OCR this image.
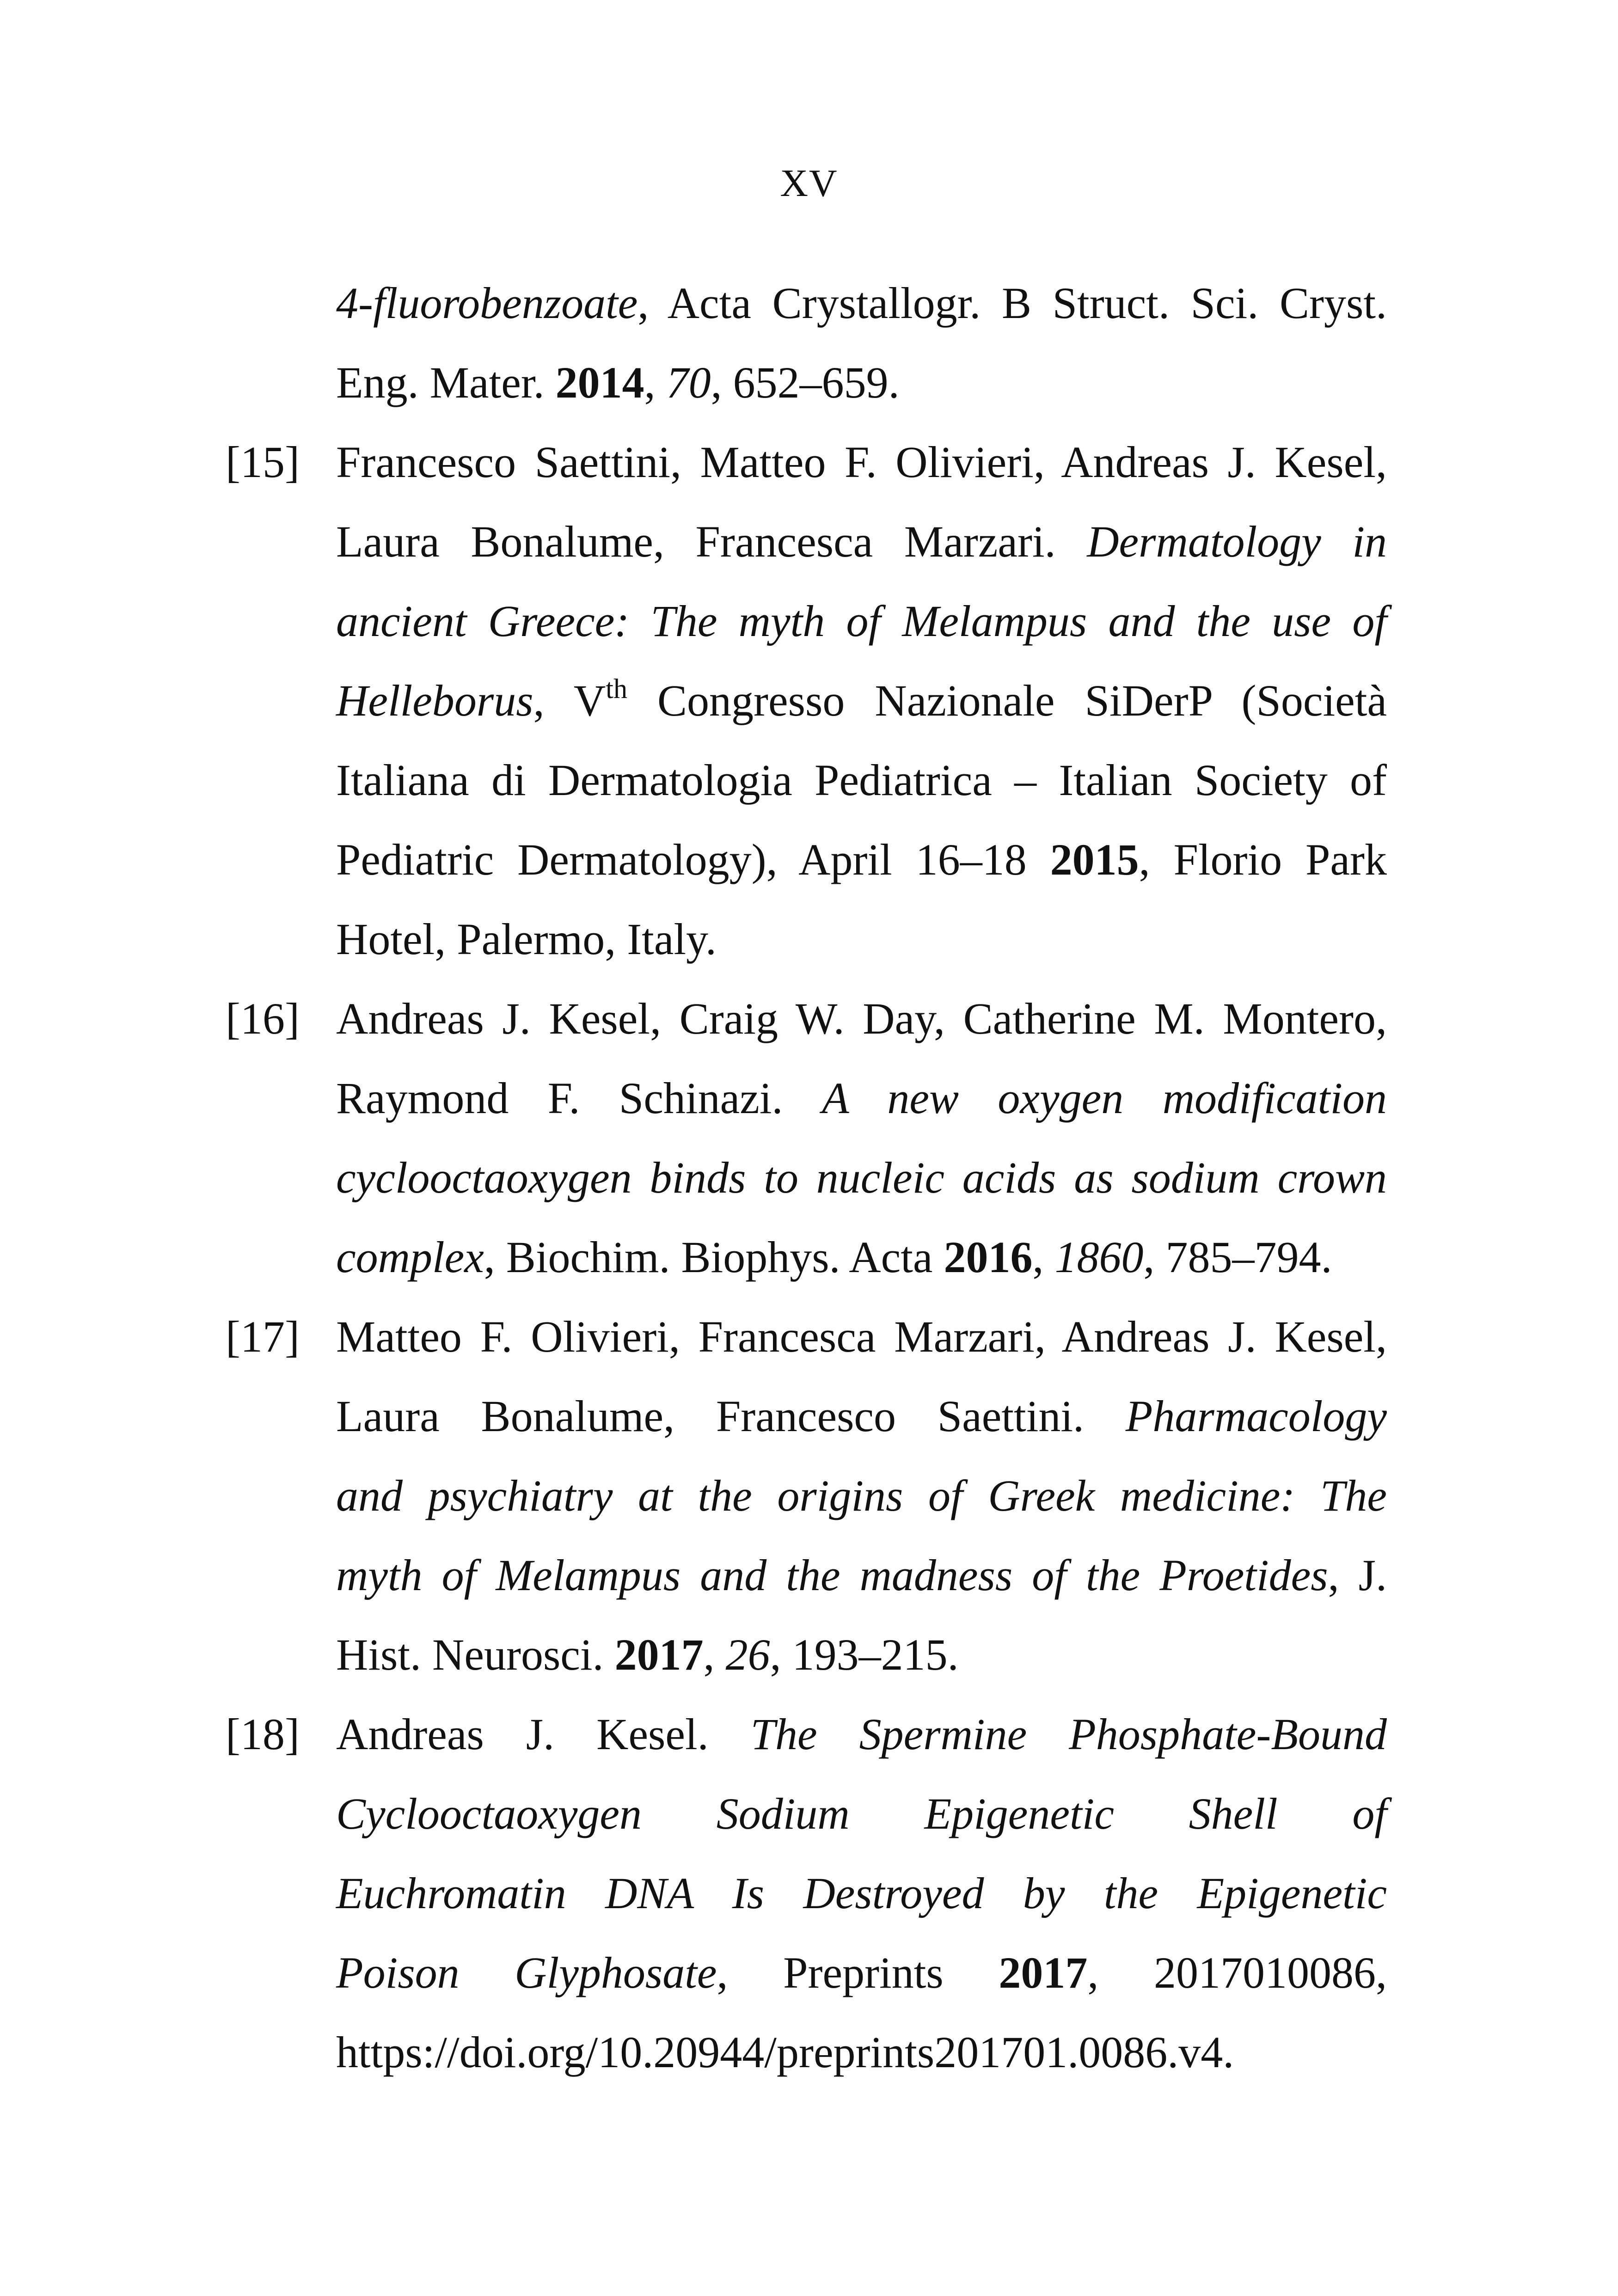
XV
4-fluorobenzoate, Acta Crystallogr. B Struct. Sci. Cryst.
Eng. Mater. 2014, 70, 652–659.
[15] Francesco Saettini, Matteo F. Olivieri, Andreas J. Kesel,
Laura Bonalume, Francesca Marzari. Dermatology in
ancient Greece: The myth of Melampus and the use of
Helleborus, Vth Congresso Nazionale SiDerP (Società
Italiana di Dermatologia Pediatrica – Italian Society of
Pediatric Dermatology), April 16–18 2015, Florio Park
Hotel, Palermo, Italy.
[16] Andreas J. Kesel, Craig W. Day, Catherine M. Montero,
Raymond F. Schinazi. A new oxygen modification
cyclooctaoxygen binds to nucleic acids as sodium crown
complex, Biochim. Biophys. Acta 2016, 1860, 785–794.
[17] Matteo F. Olivieri, Francesca Marzari, Andreas J. Kesel,
Laura Bonalume, Francesco Saettini. Pharmacology
and psychiatry at the origins of Greek medicine: The
myth of Melampus and the madness of the Proetides, J.
Hist. Neurosci. 2017, 26, 193–215.
[18] Andreas J. Kesel. The Spermine Phosphate-Bound
Cyclooctaoxygen Sodium Epigenetic Shell of
Euchromatin DNA Is Destroyed by the Epigenetic
Poison Glyphosate, Preprints 2017, 2017010086,
https://doi.org/10.20944/preprints201701.0086.v4.
